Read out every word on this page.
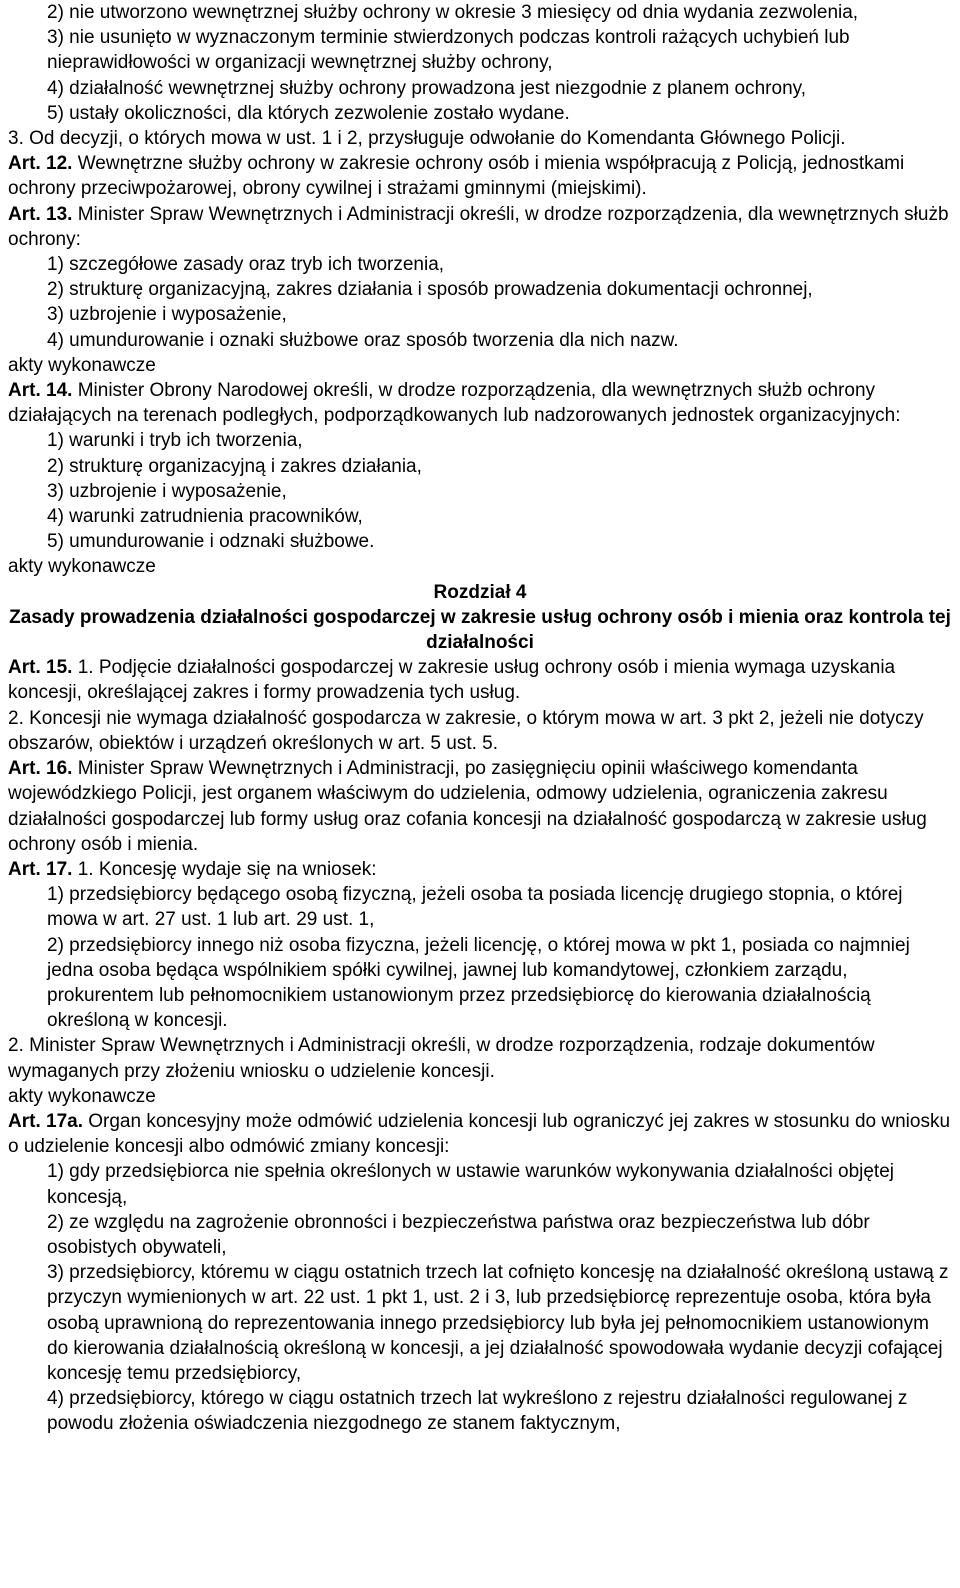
2) nie utworzono wewnętrznej służby ochrony w okresie 3 miesięcy od dnia wydania zezwolenia,

3) nie usunięto w wyznaczonym terminie stwierdzonych podczas kontroli rażących uchybień lub nieprawidłowości w organizacji wewnętrznej służby ochrony,

4) działalność wewnętrznej służby ochrony prowadzona jest niezgodnie z planem ochrony,

5) ustały okoliczności, dla których zezwolenie zostało wydane.

3. Od decyzji, o których mowa w ust. 1 i 2, przysługuje odwołanie do Komendanta Głównego Policji.

Art. 12. Wewnętrzne służby ochrony w zakresie ochrony osób i mienia współpracują z Policją, jednostkami ochrony przeciwpożarowej, obrony cywilnej i strażami gminnymi (miejskimi).

Art. 13. Minister Spraw Wewnętrznych i Administracji określi, w drodze rozporządzenia, dla wewnętrznych służb ochrony:

1) szczegółowe zasady oraz tryb ich tworzenia,

2) strukturę organizacyjną, zakres działania i sposób prowadzenia dokumentacji ochronnej,

3) uzbrojenie i wyposażenie,

4) umundurowanie i oznaki służbowe oraz sposób tworzenia dla nich nazw.

akty wykonawcze

Art. 14. Minister Obrony Narodowej określi, w drodze rozporządzenia, dla wewnętrznych służb ochrony działających na terenach podległych, podporządkowanych lub nadzorowanych jednostek organizacyjnych:

1) warunki i tryb ich tworzenia,

2) strukturę organizacyjną i zakres działania,

3) uzbrojenie i wyposażenie,

4) warunki zatrudnienia pracowników,

5) umundurowanie i odznaki służbowe.

akty wykonawcze

Rozdział 4

Zasady prowadzenia działalności gospodarczej w zakresie usług ochrony osób i mienia oraz kontrola tej działalności

Art. 15. 1. Podjęcie działalności gospodarczej w zakresie usług ochrony osób i mienia wymaga uzyskania koncesji, określającej zakres i formy prowadzenia tych usług.

2. Koncesji nie wymaga działalność gospodarcza w zakresie, o którym mowa w art. 3 pkt 2, jeżeli nie dotyczy obszarów, obiektów i urządzeń określonych w art. 5 ust. 5.

Art. 16. Minister Spraw Wewnętrznych i Administracji, po zasięgnięciu opinii właściwego komendanta wojewódzkiego Policji, jest organem właściwym do udzielenia, odmowy udzielenia, ograniczenia zakresu działalności gospodarczej lub formy usług oraz cofania koncesji na działalność gospodarczą w zakresie usług ochrony osób i mienia.

Art. 17. 1. Koncesję wydaje się na wniosek:

1) przedsiębiorcy będącego osobą fizyczną, jeżeli osoba ta posiada licencję drugiego stopnia, o której mowa w art. 27 ust. 1 lub art. 29 ust. 1,

2) przedsiębiorcy innego niż osoba fizyczna, jeżeli licencję, o której mowa w pkt 1, posiada co najmniej jedna osoba będąca wspólnikiem spółki cywilnej, jawnej lub komandytowej, członkiem zarządu, prokurentem lub pełnomocnikiem ustanowionym przez przedsiębiorcę do kierowania działalnością określoną w koncesji.

2. Minister Spraw Wewnętrznych i Administracji określi, w drodze rozporządzenia, rodzaje dokumentów wymaganych przy złożeniu wniosku o udzielenie koncesji.

akty wykonawcze

Art. 17a. Organ koncesyjny może odmówić udzielenia koncesji lub ograniczyć jej zakres w stosunku do wniosku o udzielenie koncesji albo odmówić zmiany koncesji:

1) gdy przedsiębiorca nie spełnia określonych w ustawie warunków wykonywania działalności objętej koncesją,

2) ze względu na zagrożenie obronności i bezpieczeństwa państwa oraz bezpieczeństwa lub dóbr osobistych obywateli,

3) przedsiębiorcy, któremu w ciągu ostatnich trzech lat cofnięto koncesję na działalność określoną ustawą z przyczyn wymienionych w art. 22 ust. 1 pkt 1, ust. 2 i 3, lub przedsiębiorcę reprezentuje osoba, która była osobą uprawnioną do reprezentowania innego przedsiębiorcy lub była jej pełnomocnikiem ustanowionym do kierowania działalnością określoną w koncesji, a jej działalność spowodowała wydanie decyzji cofającej koncesję temu przedsiębiorcy,

4) przedsiębiorcy, którego w ciągu ostatnich trzech lat wykreślono z rejestru działalności regulowanej z powodu złożenia oświadczenia niezgodnego ze stanem faktycznym,
